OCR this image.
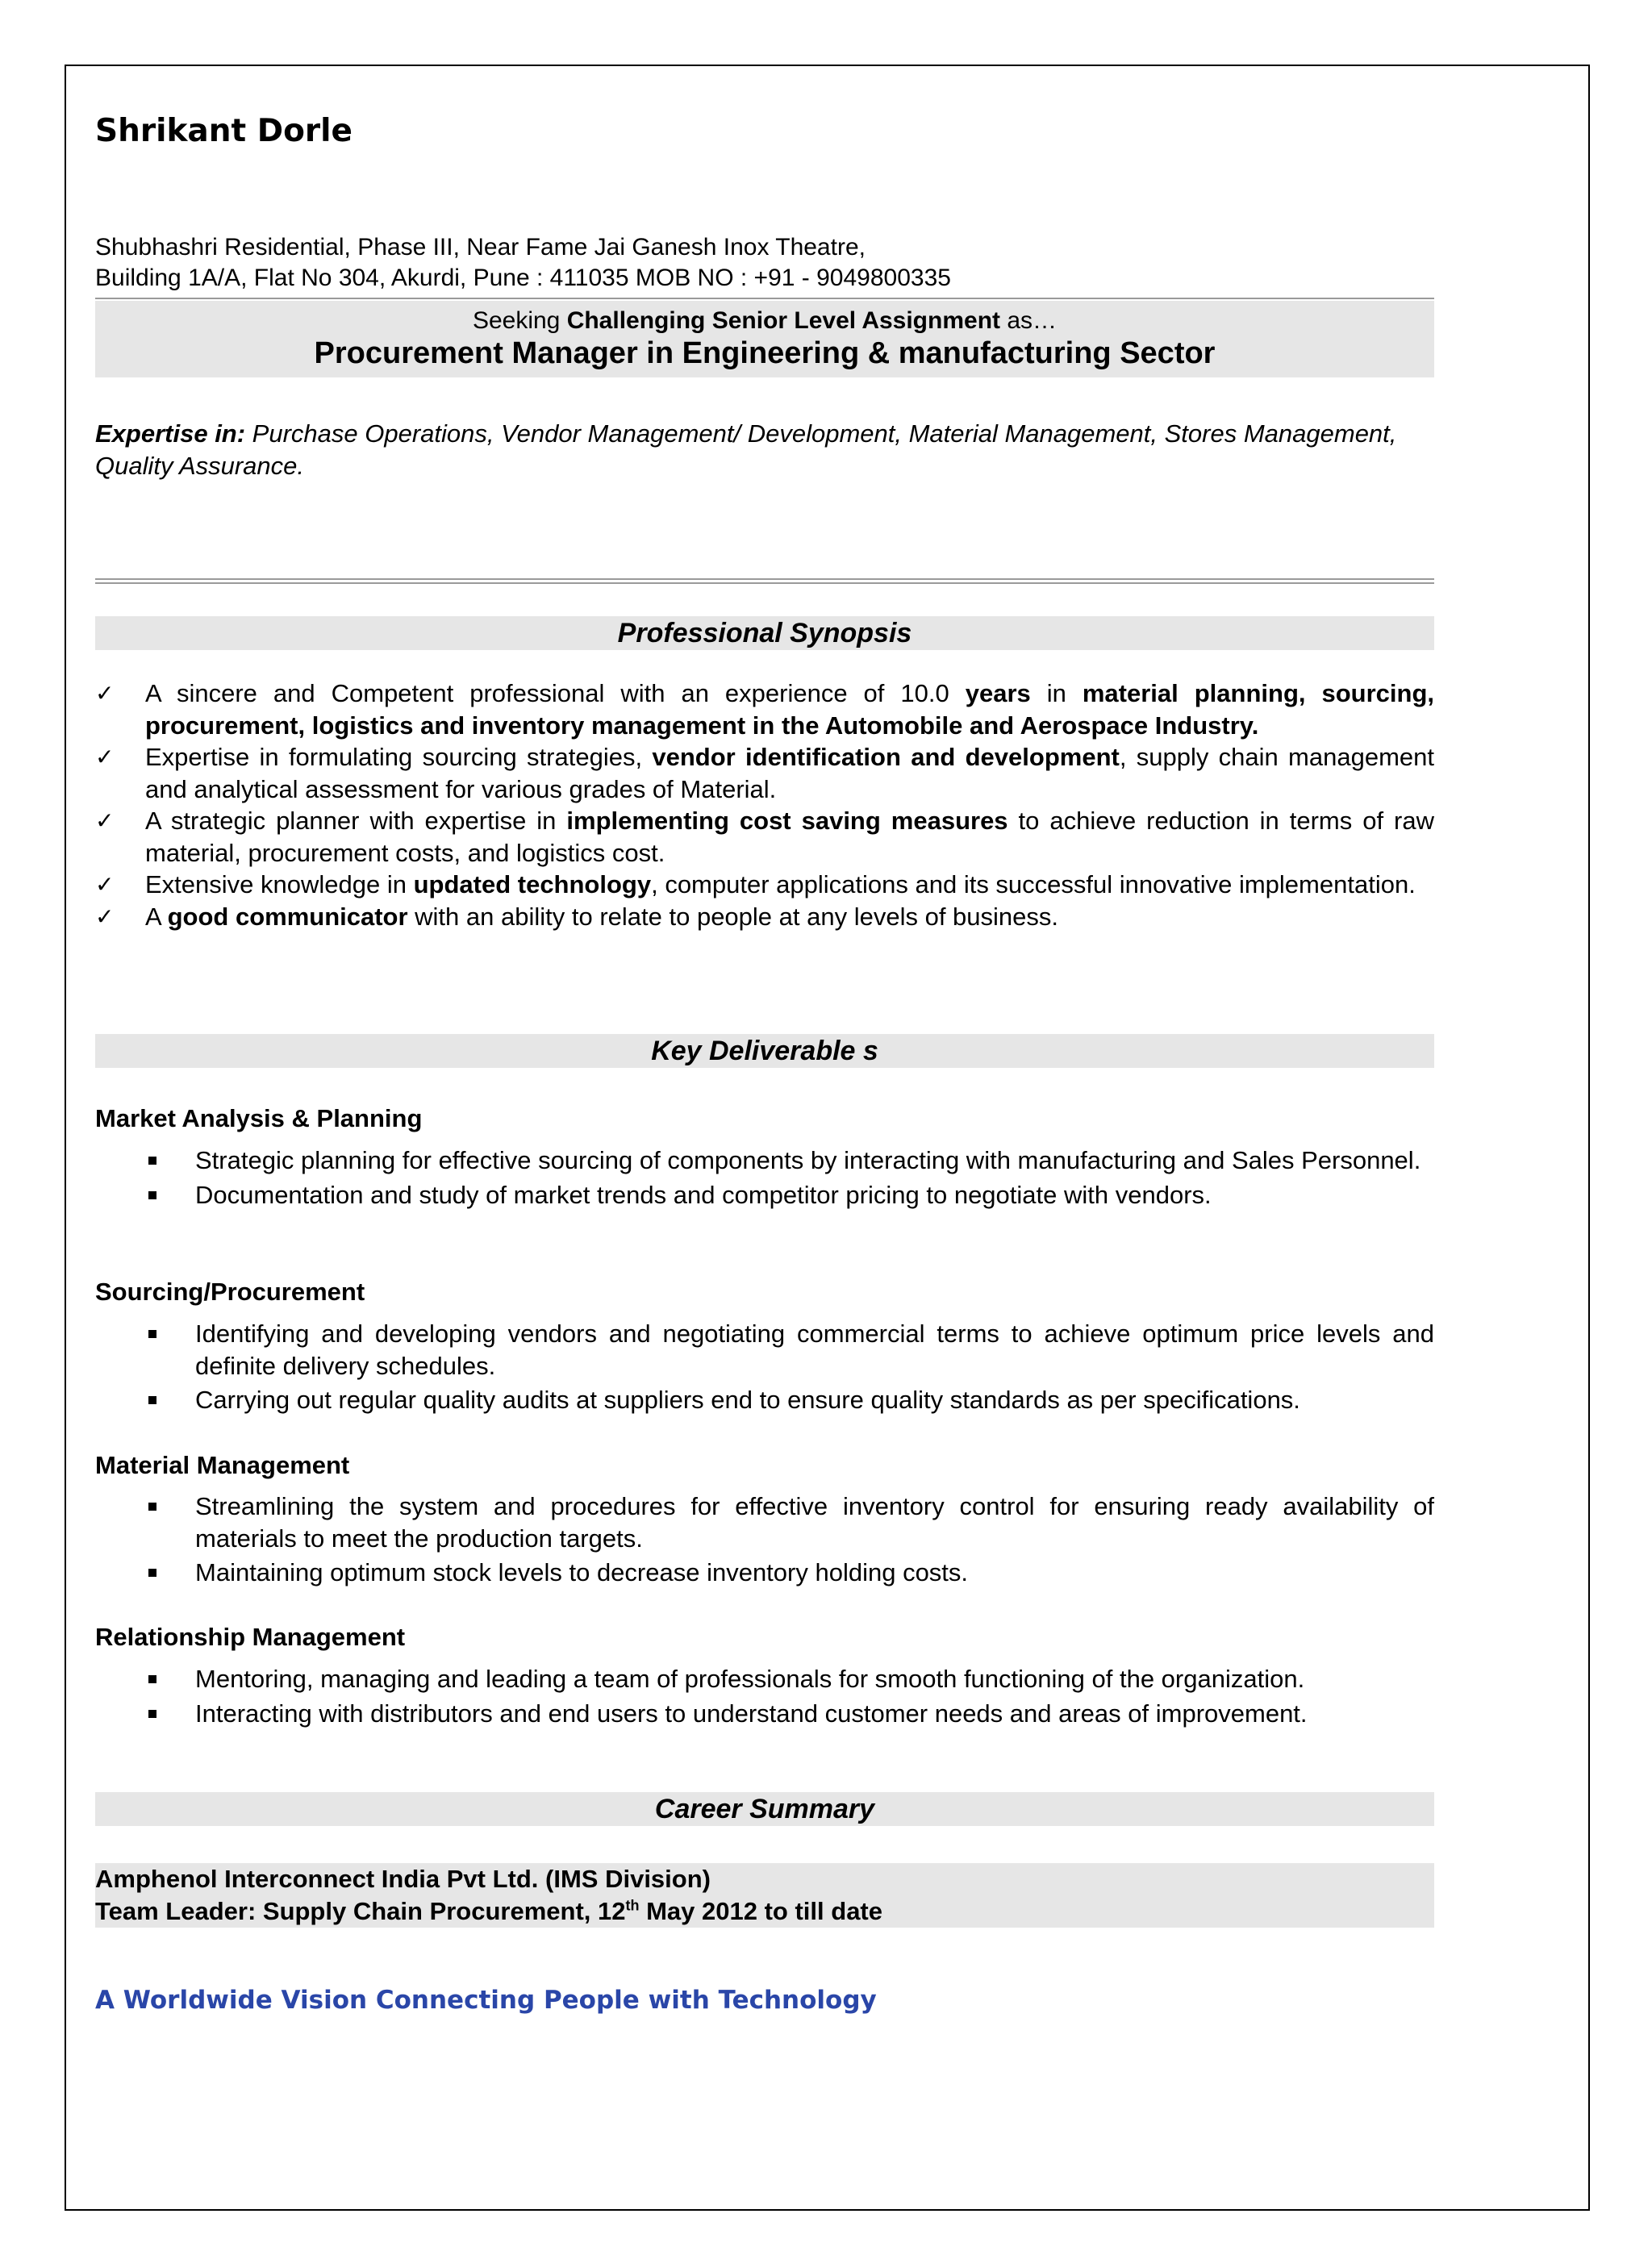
Shrikant Dorle
Shubhashri Residential, Phase III, Near Fame Jai Ganesh Inox Theatre,
Building 1A/A, Flat No 304, Akurdi, Pune : 411035 MOB NO : +91 - 9049800335
Seeking Challenging Senior Level Assignment as…
Procurement Manager in Engineering & manufacturing Sector
Expertise in: Purchase Operations, Vendor Management/ Development, Material Management, Stores Management, Quality Assurance.
Professional Synopsis
✓ A sincere and Competent professional with an experience of 10.0 years in material planning, sourcing, procurement, logistics and inventory management in the Automobile and Aerospace Industry.
✓ Expertise in formulating sourcing strategies, vendor identification and development, supply chain management and analytical assessment for various grades of Material.
✓ A strategic planner with expertise in implementing cost saving measures to achieve reduction in terms of raw material, procurement costs, and logistics cost.
✓ Extensive knowledge in updated technology, computer applications and its successful innovative implementation.
✓ A good communicator with an ability to relate to people at any levels of business.
Key Deliverable s
Market Analysis & Planning
Strategic planning for effective sourcing of components by interacting with manufacturing and Sales Personnel.
Documentation and study of market trends and competitor pricing to negotiate with vendors.
Sourcing/Procurement
Identifying and developing vendors and negotiating commercial terms to achieve optimum price levels and definite delivery schedules.
Carrying out regular quality audits at suppliers end to ensure quality standards as per specifications.
Material Management
Streamlining the system and procedures for effective inventory control for ensuring ready availability of materials to meet the production targets.
Maintaining optimum stock levels to decrease inventory holding costs.
Relationship Management
Mentoring, managing and leading a team of professionals for smooth functioning of the organization.
Interacting with distributors and end users to understand customer needs and areas of improvement.
Career Summary
Amphenol Interconnect India Pvt Ltd. (IMS Division)
Team Leader: Supply Chain Procurement, 12th May 2012 to till date
A Worldwide Vision Connecting People with Technology
